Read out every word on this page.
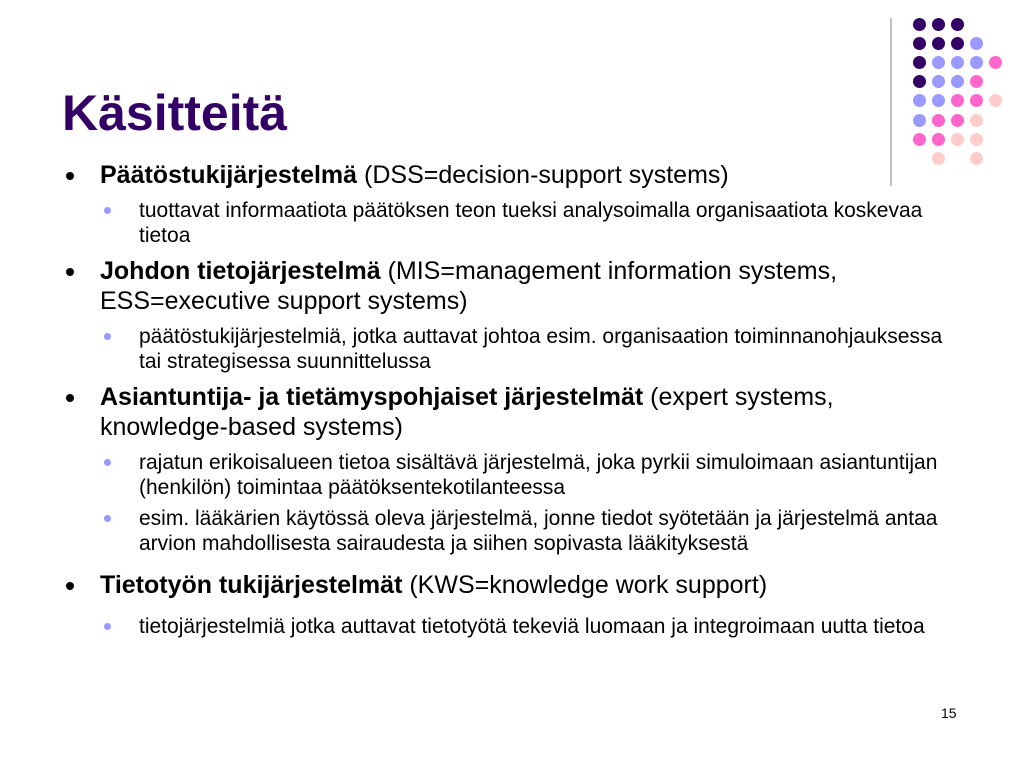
Käsitteitä
Päätöstukijärjestelmä (DSS=decision-support systems)
tuottavat informaatiota päätöksen teon tueksi analysoimalla organisaatiota koskevaa tietoa
Johdon tietojärjestelmä (MIS=management information systems, ESS=executive support systems)
päätöstukijärjestelmiä, jotka auttavat johtoa esim. organisaation toiminnanohjauksessa tai strategisessa suunnittelussa
Asiantuntija- ja tietämyspohjaiset järjestelmät (expert systems, knowledge-based systems)
rajatun erikoisalueen tietoa sisältävä järjestelmä, joka pyrkii simuloimaan asiantuntijan (henkilön) toimintaa päätöksentekotilanteessa
esim. lääkärien käytössä oleva järjestelmä, jonne tiedot syötetään ja järjestelmä antaa arvion mahdollisesta sairaudesta ja siihen sopivasta lääkityksestä
Tietotyön tukijärjestelmät (KWS=knowledge work support)
tietojärjestelmiä jotka auttavat tietotyötä tekeviä luomaan ja integroimaan uutta tietoa
15
